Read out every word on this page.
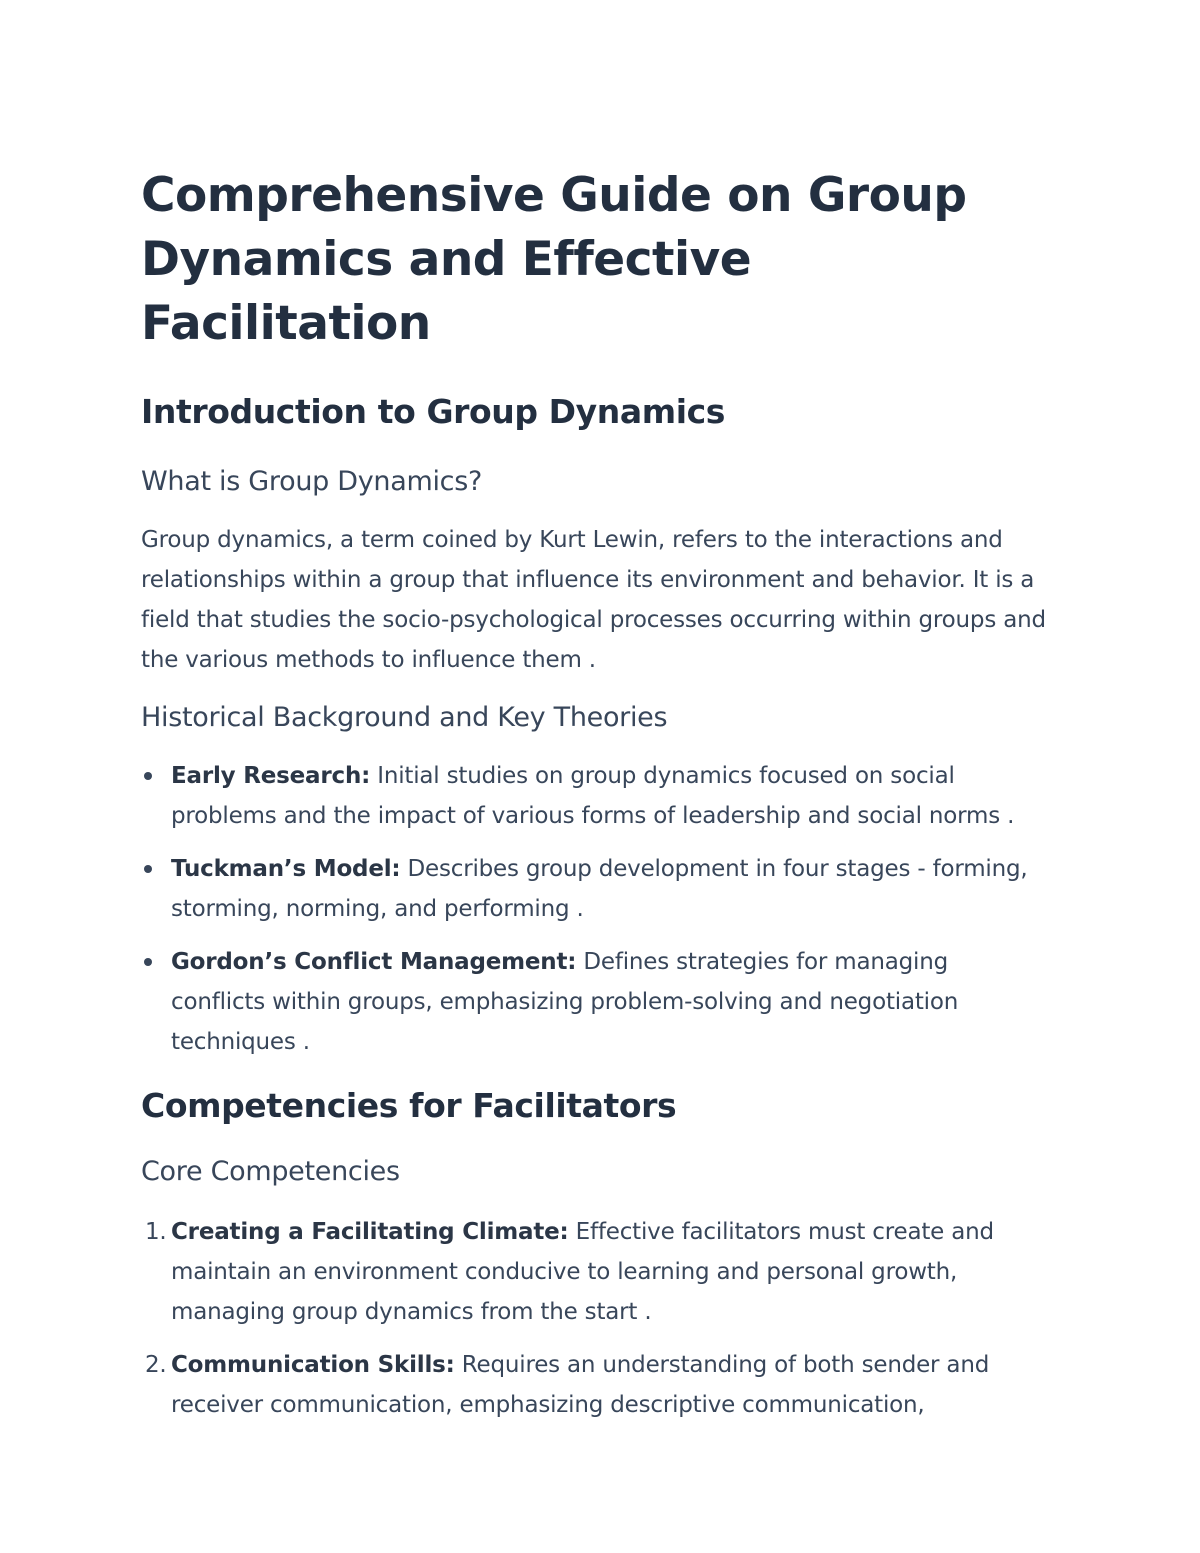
Comprehensive Guide on Group Dynamics and Effective Facilitation
Introduction to Group Dynamics
What is Group Dynamics?

Group dynamics, a term coined by Kurt Lewin, refers to the interactions and relationships within a group that influence its environment and behavior. It is a field that studies the socio-psychological processes occurring within groups and the various methods to influence them .

Historical Background and Key Theories
Early Research: Initial studies on group dynamics focused on social problems and the impact of various forms of leadership and social norms .
Tuckman’s Model: Describes group development in four stages - forming, storming, norming, and performing .
Gordon’s Conflict Management: Defines strategies for managing conflicts within groups, emphasizing problem-solving and negotiation techniques .
Competencies for Facilitators
Core Competencies
1. Creating a Facilitating Climate: Effective facilitators must create and maintain an environment conducive to learning and personal growth, managing group dynamics from the start .
2. Communication Skills: Requires an understanding of both sender and receiver communication, emphasizing descriptive communication,
